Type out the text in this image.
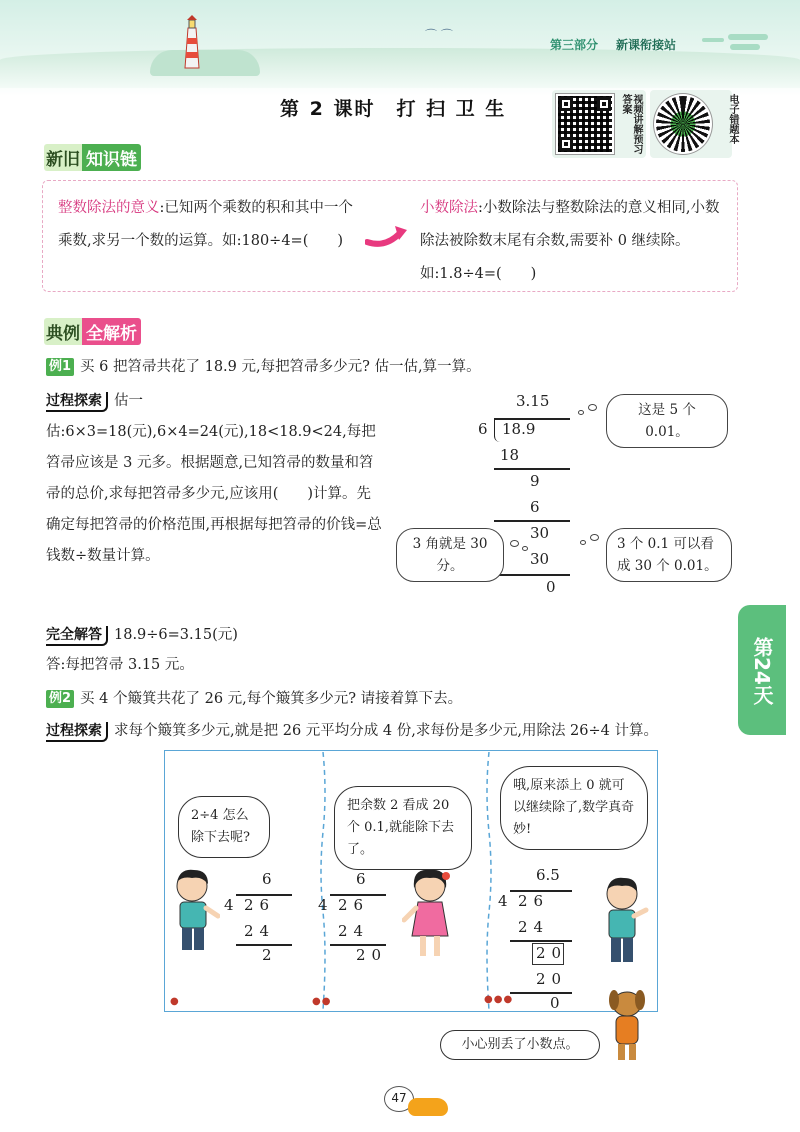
⌒ ⌒
第三部分 新课衔接站
第 2 课时　打 扫 卫 生	视频讲解预习答案	电子错题本
新旧 知识链
整数除法的意义:已知两个乘数的积和其中一个乘数,求另一个数的运算。如:180÷4=(　　)
小数除法:小数除法与整数除法的意义相同,小数除法被除数末尾有余数,需要补 0 继续除。如:1.8÷4=(　　)
典例 全解析
例1 买 6 把笤帚共花了 18.9 元,每把笤帚多少元? 估一估,算一算。
过程探索 估一估:6×3=18(元),6×4=24(元),18<18.9<24,每把笤帚应该是 3 元多。根据题意,已知笤帚的数量和笤帚的总价,求每把笤帚多少元,应该用(　　)计算。先确定每把笤帚的价格范围,再根据每把笤帚的价钱=总钱数÷数量计算。
3.15
6 18.9
18
9
6
30
30
0
这是 5 个 0.01。
3 角就是 30 分。
3 个 0.1 可以看成 30 个 0.01。
完全解答 18.9÷6=3.15(元)
答:每把笤帚 3.15 元。	第24天
例2 买 4 个簸箕共花了 26 元,每个簸箕多少元? 请接着算下去。
过程探索 求每个簸箕多少元,就是把 26 元平均分成 4 份,求每份是多少元,用除法 26÷4 计算。
2÷4 怎么除下去呢?
6
4 26
24
2
●
把余数 2 看成 20 个 0.1,就能除下去了。
6
4 26
24
20
●●
哦,原来添上 0 就可以继续除了,数学真奇妙!
6.5
4 26
24
20
20
0
●●●
小心别丢了小数点。
47
